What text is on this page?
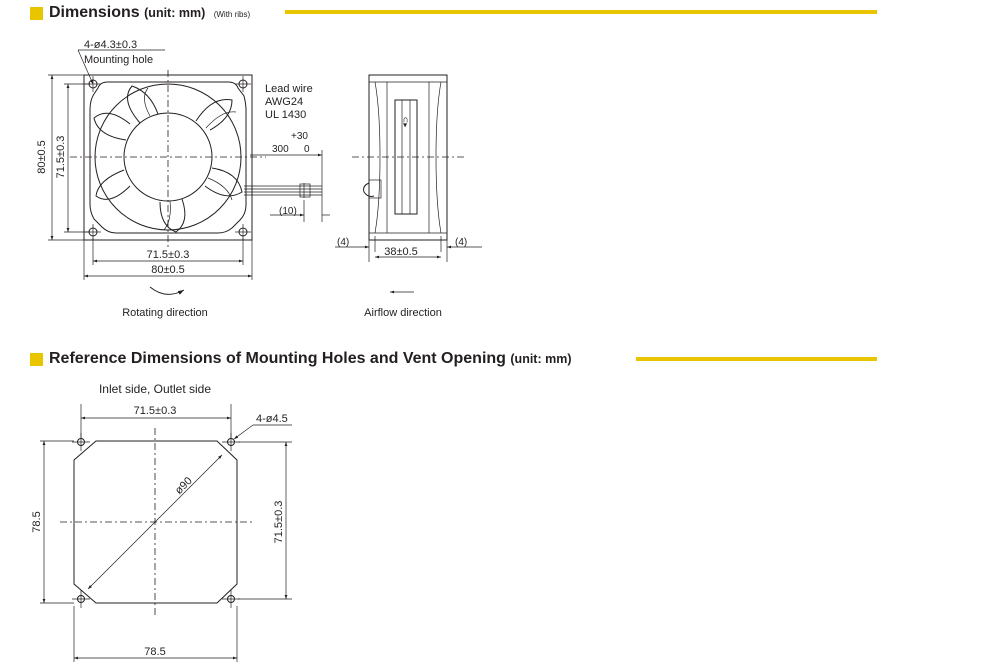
Dimensions (unit: mm) (With ribs)
Reference Dimensions of Mounting Holes and Vent Opening (unit: mm)
4-ø4.3±0.3
Mounting hole
80±0.5 71.5±0.3
71.5±0.3
80±0.5
Rotating direction
Lead wire
AWG24
UL 1430
+30
300 0
(10)
⊂▸
(4)	(4)
38±0.5
Airflow direction
Inlet side, Outlet side
ø90
71.5±0.3
4-ø4.5
78.5	71.5±0.3
78.5
